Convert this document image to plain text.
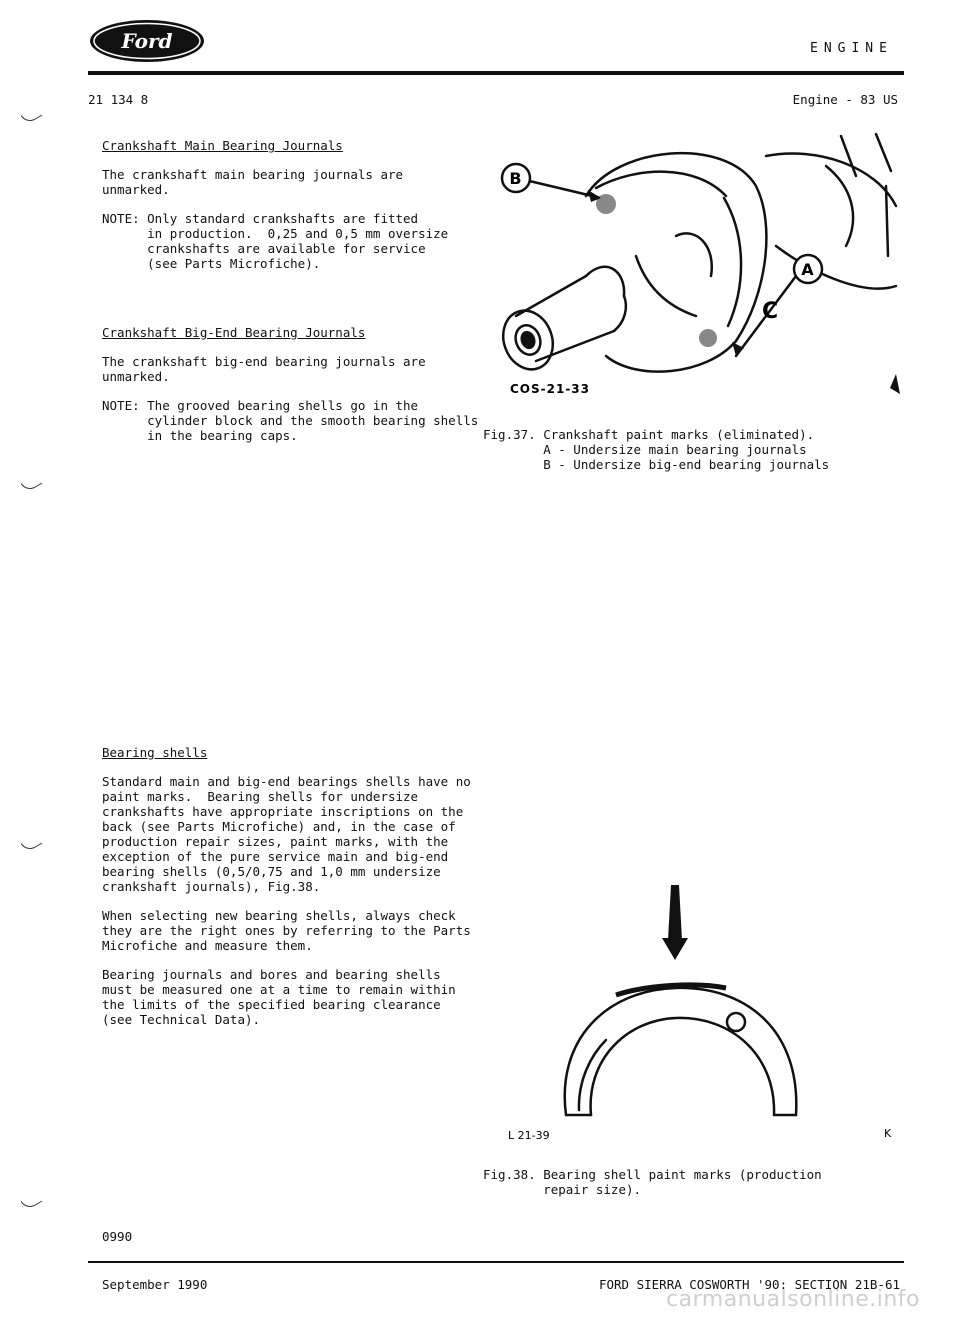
Ford	ENGINE
21 134 8	Engine - 83 US

Crankshaft Main Bearing Journals

The crankshaft main bearing journals are
unmarked.

NOTE: Only standard crankshafts are fitted
in production.  0,25 and 0,5 mm oversize
crankshafts are available for service
(see Parts Microfiche).

Crankshaft Big-End Bearing Journals

The crankshaft big-end bearing journals are
unmarked.

NOTE: The grooved bearing shells go in the
cylinder block and the smooth bearing shells
in the bearing caps.

Bearing shells

Standard main and big-end bearings shells have no
paint marks.  Bearing shells for undersize
crankshafts have appropriate inscriptions on the
back (see Parts Microfiche) and, in the case of
production repair sizes, paint marks, with the
exception of the pure service main and big-end
bearing shells (0,5/0,75 and 1,0 mm undersize
crankshaft journals), Fig.38.

When selecting new bearing shells, always check
they are the right ones by referring to the Parts
Microfiche and measure them.

Bearing journals and bores and bearing shells
must be measured one at a time to remain within
the limits of the specified bearing clearance
(see Technical Data).

B
A
C
COS-21-33
Fig.37. Crankshaft paint marks (eliminated).
A - Undersize main bearing journals
B - Undersize big-end bearing journals
L 21-39	K
Fig.38. Bearing shell paint marks (production
repair size).
0990
September 1990	FORD SIERRA COSWORTH '90: SECTION 21B-61
carmanualsonline.info
